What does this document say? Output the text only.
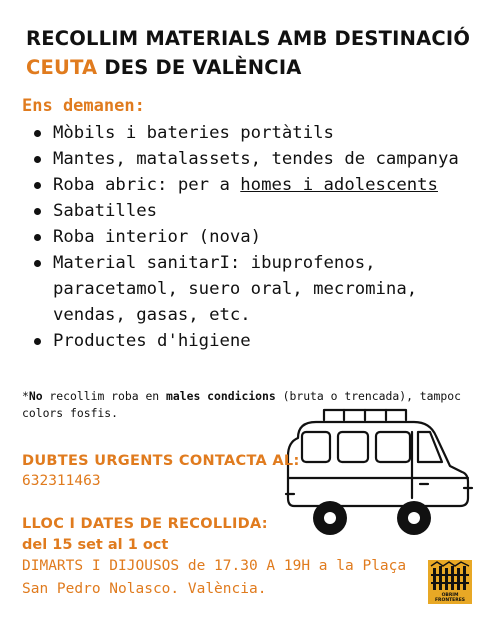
RECOLLIM MATERIALS AMB DESTINACIÓ
CEUTA DES DE VALÈNCIA
Ens demanen:
Mòbils i bateries portàtils
Mantes, matalassets, tendes de campanya
Roba abric: per a homes i adolescents
Sabatilles
Roba interior (nova)
Material sanitarI: ibuprofenos, paracetamol, suero oral, mecromina, vendas, gasas, etc.
Productes d'higiene
*No recollim roba en males condicions (bruta o trencada), tampoc colors fosfis.
DUBTES URGENTS CONTACTA AL:
632311463
LLOC I DATES DE RECOLLIDA:
del 15 set al 1 oct
DIMARTS I DIJOUSOS de 17.30 A 19H a la Plaça
San Pedro Nolasco. València.	OBRIM
FRONTERES
